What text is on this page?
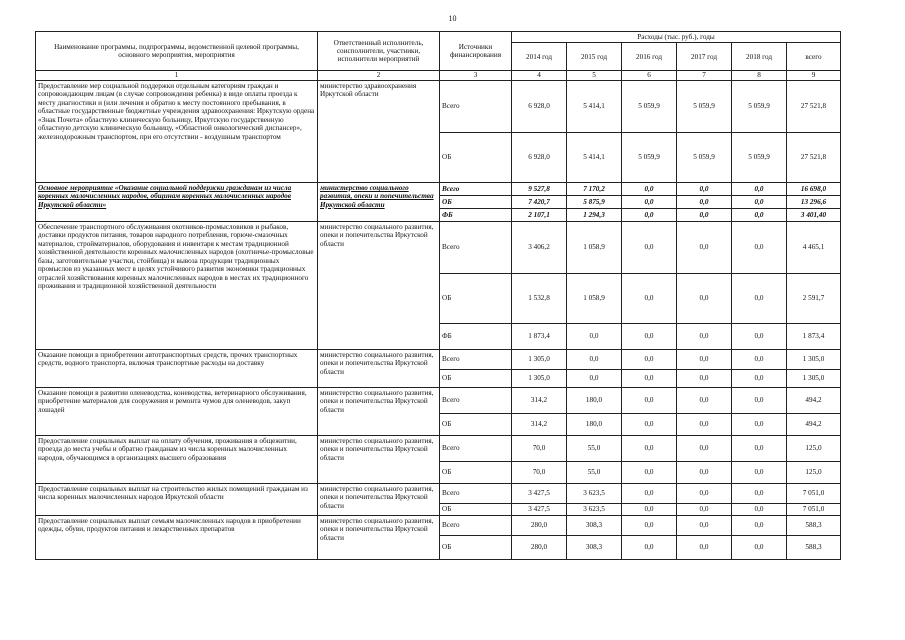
10
Наименование программы, подпрограммы, ведомственной целевой программы, основного мероприятия, мероприятия	Ответственный исполнитель, соисполнители, участники, исполнители мероприятий	Источники финансирования	Расходы (тыс. руб.), годы					
			2014 год	2015 год	2016 год	2017 год	2018 год	всего
1	2	3	4	5	6	7	8	9
Предоставление мер социальной поддержки отдельным категориям граждан и сопровождающим лицам (в случае сопровождения ребенка) в виде оплаты проезда к месту диагностики и (или лечения и обратно к месту постоянного пребывания, в областные государственные бюджетные учреждения здравоохранения: Иркутскую ордена «Знак Почета» областную клиническую больницу, Иркутскую государственную областную детскую клиническую больницу, «Областной онкологический диспансер», железнодорожным транспортом, при его отсутствии - воздушным транспортом	министерство здравоохранения Иркутской области	Всего	6 928,0	5 414,1	5 059,9	5 059,9	5 059,9	27 521,8
		ОБ	6 928,0	5 414,1	5 059,9	5 059,9	5 059,9	27 521,8
Основное мероприятие «Оказание социальной поддержки гражданам из числа коренных малочисленных народов, общинам коренных малочисленных народов Иркутской области»	министерство социального развития, опеки и попечительства Иркутской области	Всего	9 527,8	7 170,2	0,0	0,0	0,0	16 698,0
		ОБ	7 420,7	5 875,9	0,0	0,0	0,0	13 296,6
		ФБ	2 107,1	1 294,3	0,0	0,0	0,0	3 401,40
Обеспечение транспортного обслуживания охотников-промысловиков и рыбаков, доставки продуктов питания, товаров народного потребления, горюче-смазочных материалов, стройматериалов, оборудования и инвентаря к местам традиционной хозяйственной деятельности коренных малочисленных народов (охотничье-промысловые базы, заготовительные участки, стойбища) и вывоза продукции традиционных промыслов из указанных мест в целях устойчивого развития экономики традиционных отраслей хозяйствования коренных малочисленных народов в местах их традиционного проживания и традиционной хозяйственной деятельности	министерство социального развития, опеки и попечительства Иркутской области	Всего	3 406,2	1 058,9	0,0	0,0	0,0	4 465,1
		ОБ	1 532,8	1 058,9	0,0	0,0	0,0	2 591,7
		ФБ	1 873,4	0,0	0,0	0,0	0,0	1 873,4
Оказание помощи в приобретении автотранспортных средств, прочих транспортных средств, водного транспорта, включая транспортные расходы на доставку	министерство социального развития, опеки и попечительства Иркутской области	Всего	1 305,0	0,0	0,0	0,0	0,0	1 305,0
		ОБ	1 305,0	0,0	0,0	0,0	0,0	1 305,0
Оказание помощи в развитии оленеводства, коневодства, ветеринарного обслуживания, приобретение материалов для сооружения и ремонта чумов для оленеводов, закуп лошадей	министерство социального развития, опеки и попечительства Иркутской области	Всего	314,2	180,0	0,0	0,0	0,0	494,2
		ОБ	314,2	180,0	0,0	0,0	0,0	494,2
Предоставление социальных выплат на оплату обучения, проживания в общежитии, проезда до места учебы и обратно гражданам из числа коренных малочисленных народов, обучающимся в организациях высшего образования	министерство социального развития, опеки и попечительства Иркутской области	Всего	70,0	55,0	0,0	0,0	0,0	125,0
		ОБ	70,0	55,0	0,0	0,0	0,0	125,0
Предоставление социальных выплат на строительство жилых помещений гражданам из числа коренных малочисленных народов Иркутской области	министерство социального развития, опеки и попечительства Иркутской области	Всего	3 427,5	3 623,5	0,0	0,0	0,0	7 051,0
		ОБ	3 427,5	3 623,5	0,0	0,0	0,0	7 051,0
Предоставление социальных выплат семьям малочисленных народов в приобретении одежды, обуви, продуктов питания и лекарственных препаратов	министерство социального развития, опеки и попечительства Иркутской области	Всего	280,0	308,3	0,0	0,0	0,0	588,3
		ОБ	280,0	308,3	0,0	0,0	0,0	588,3
